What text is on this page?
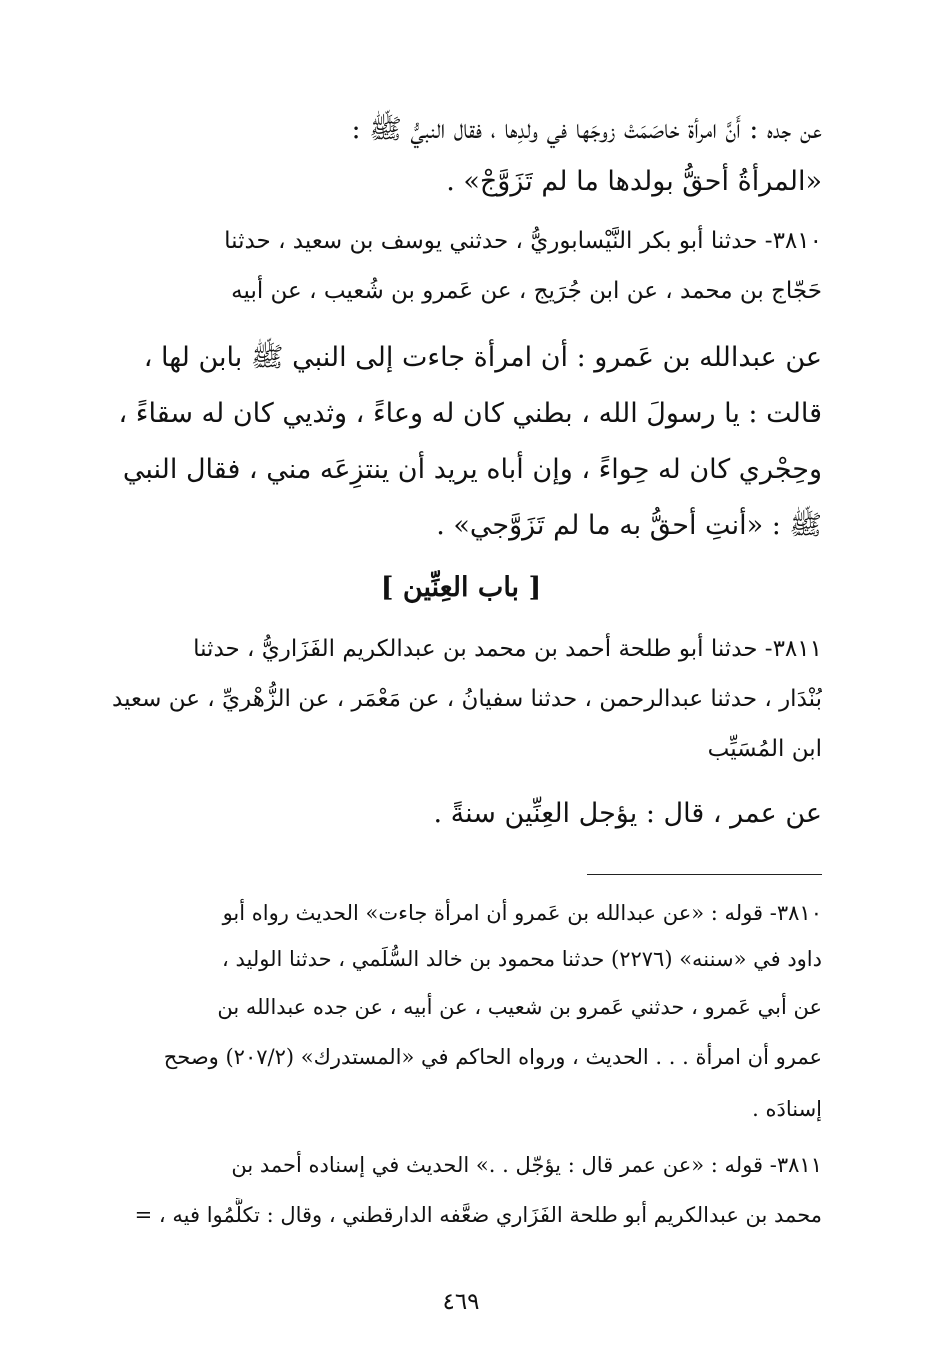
عن جده : أَنَّ امرأة خاصَمَتْ زوجَها في ولدِها ، فقال النبيُّ ﷺ :
«المرأةُ أحقُّ بولدها ما لم تَزَوَّجْ» .
٣٨١٠- حدثنا أبو بكر النَّيْسابوريُّ ، حدثني يوسف بن سعيد ، حدثنا
حَجّاج بن محمد ، عن ابن جُرَيج ، عن عَمرو بن شُعيب ، عن أبيه
عن عبدالله بن عَمرو : أن امرأة جاءت إلى النبي ﷺ بابن لها ،
قالت : يا رسولَ الله ، بطني كان له وعاءً ، وثديي كان له سقاءً ،
وحِجْري كان له حِواءً ، وإن أباه يريد أن ينتزِعَه مني ، فقال النبي
ﷺ : «أنتِ أحقُّ به ما لم تَزَوَّجي» .
[ باب العِنِّين ]
٣٨١١- حدثنا أبو طلحة أحمد بن محمد بن عبدالكريم الفَزَاريُّ ، حدثنا
بُنْدَار ، حدثنا عبدالرحمن ، حدثنا سفيانُ ، عن مَعْمَر ، عن الزُّهْريِّ ، عن سعيد
ابن المُسَيِّب
عن عمر ، قال : يؤجل العِنِّين سنةً .
٣٨١٠- قوله : «عن عبدالله بن عَمرو أن امرأة جاءت» الحديث رواه أبو
داود في «سننه» (٢٢٧٦) حدثنا محمود بن خالد السُّلَمي ، حدثنا الوليد ،
عن أبي عَمرو ، حدثني عَمرو بن شعيب ، عن أبيه ، عن جده عبدالله بن
عمرو أن امرأة . . . الحديث ، ورواه الحاكم في «المستدرك» (٢٠٧/٢) وصحح
إسنادَه .
٣٨١١- قوله : «عن عمر قال : يؤجّل . .» الحديث في إسناده أحمد بن
محمد بن عبدالكريم أبو طلحة الفَزَاري ضعَّفه الدارقطني ، وقال : تكلَّمُوا فيه ، =
٤٦٩
